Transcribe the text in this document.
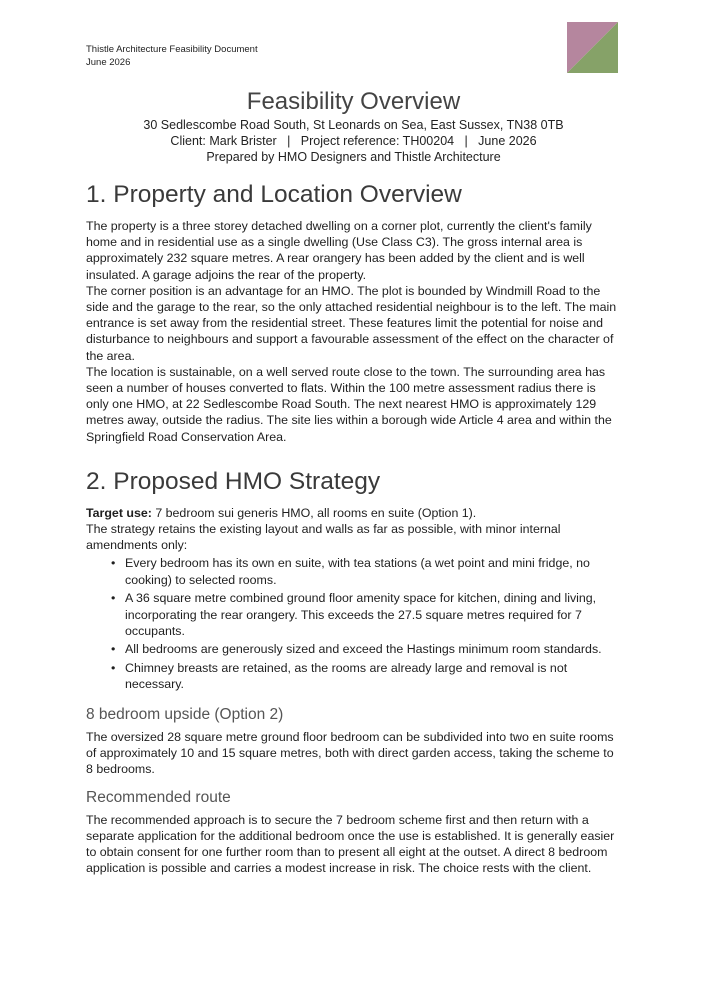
Thistle Architecture Feasibility Document
June 2026
Feasibility Overview
30 Sedlescombe Road South, St Leonards on Sea, East Sussex, TN38 0TB
Client: Mark Brister   |   Project reference: TH00204   |   June 2026
Prepared by HMO Designers and Thistle Architecture
1. Property and Location Overview

The property is a three storey detached dwelling on a corner plot, currently the client's family home and in residential use as a single dwelling (Use Class C3). The gross internal area is approximately 232 square metres. A rear orangery has been added by the client and is well insulated. A garage adjoins the rear of the property.

The corner position is an advantage for an HMO. The plot is bounded by Windmill Road to the side and the garage to the rear, so the only attached residential neighbour is to the left. The main entrance is set away from the residential street. These features limit the potential for noise and disturbance to neighbours and support a favourable assessment of the effect on the character of the area.

The location is sustainable, on a well served route close to the town. The surrounding area has seen a number of houses converted to flats. Within the 100 metre assessment radius there is only one HMO, at 22 Sedlescombe Road South. The next nearest HMO is approximately 129 metres away, outside the radius. The site lies within a borough wide Article 4 area and within the Springfield Road Conservation Area.

2. Proposed HMO Strategy

Target use: 7 bedroom sui generis HMO, all rooms en suite (Option 1).

The strategy retains the existing layout and walls as far as possible, with minor internal amendments only:

• Every bedroom has its own en suite, with tea stations (a wet point and mini fridge, no cooking) to selected rooms.
• A 36 square metre combined ground floor amenity space for kitchen, dining and living, incorporating the rear orangery. This exceeds the 27.5 square metres required for 7 occupants.
• All bedrooms are generously sized and exceed the Hastings minimum room standards.
• Chimney breasts are retained, as the rooms are already large and removal is not necessary.
8 bedroom upside (Option 2)

The oversized 28 square metre ground floor bedroom can be subdivided into two en suite rooms of approximately 10 and 15 square metres, both with direct garden access, taking the scheme to 8 bedrooms.

Recommended route

The recommended approach is to secure the 7 bedroom scheme first and then return with a separate application for the additional bedroom once the use is established. It is generally easier to obtain consent for one further room than to present all eight at the outset. A direct 8 bedroom application is possible and carries a modest increase in risk. The choice rests with the client.
